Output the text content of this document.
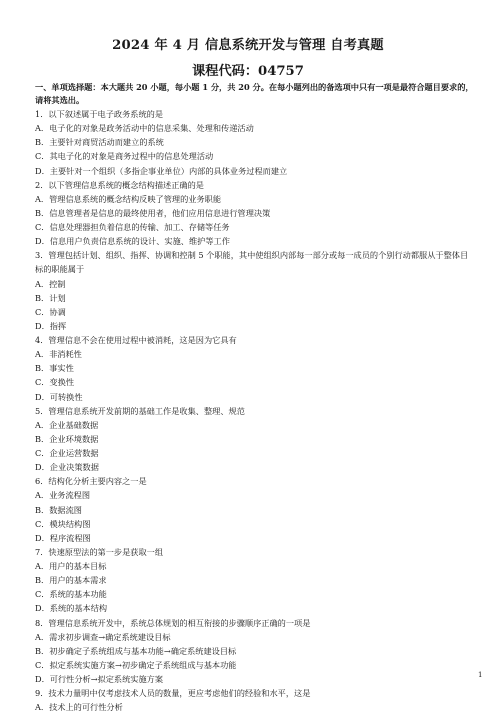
2024 年 4 月 信息系统开发与管理 自考真题
课程代码：04757
一、单项选择题：本大题共 20 小题，每小题 1 分，共 20 分。在每小题列出的备选项中只有一项是最符合题目要求的，请将其选出。
1．以下叙述属于电子政务系统的是
A．电子化的对象是政务活动中的信息采集、处理和传递活动
B．主要针对商贸活动而建立的系统
C．其电子化的对象是商务过程中的信息处理活动
D．主要针对一个组织（多指企事业单位）内部的具体业务过程而建立
2．以下管理信息系统的概念结构描述正确的是
A．管理信息系统的概念结构反映了管理的业务职能
B．信息管理者是信息的最终使用者，他们应用信息进行管理决策
C．信息处理器担负着信息的传输、加工、存储等任务
D．信息用户负责信息系统的设计、实施、维护等工作
3．管理包括计划、组织、指挥、协调和控制 5 个职能，其中使组织内部每一部分或每一成员的个别行动都服从于整体目标的职能属于
A．控制
B．计划
C．协调
D．指挥
4．管理信息不会在使用过程中被消耗，这是因为它具有
A．非消耗性
B．事实性
C．变换性
D．可转换性
5．管理信息系统开发前期的基础工作是收集、整理、规范
A．企业基础数据
B．企业环境数据
C．企业运营数据
D．企业决策数据
6．结构化分析主要内容之一是
A．业务流程图
B．数据流图
C．模块结构图
D．程序流程图
7．快速原型法的第一步是获取一组
A．用户的基本目标
B．用户的基本需求
C．系统的基本功能
D．系统的基本结构
8．管理信息系统开发中，系统总体规划的相互衔接的步骤顺序正确的一项是
A．需求初步调查→确定系统建设目标
B．初步确定子系统组成与基本功能→确定系统建设目标
C．拟定系统实施方案→初步确定子系统组成与基本功能
D．可行性分析→拟定系统实施方案
9．技术力量明中仅考虑技术人员的数量，更应考虑他们的经验和水平，这是
A．技术上的可行性分析
1
